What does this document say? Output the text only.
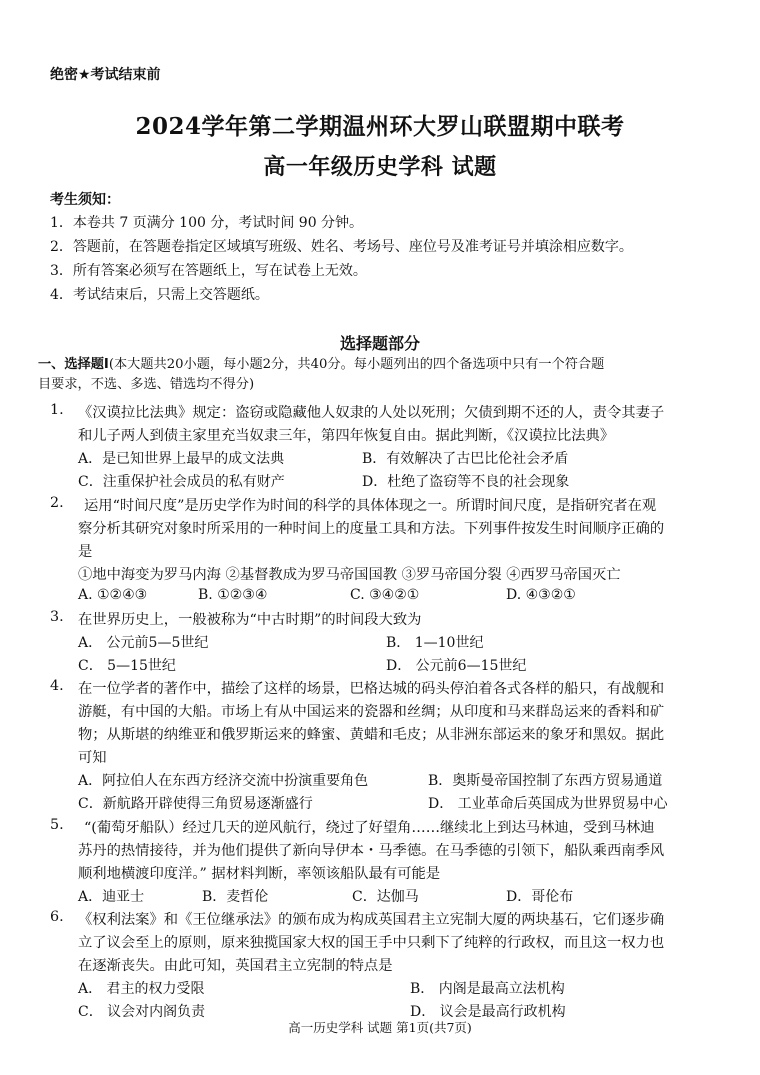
绝密★考试结束前
2024学年第二学期温州环大罗山联盟期中联考
高一年级历史学科 试题
考生须知：
1．本卷共 7 页满分 100 分，考试时间 90 分钟。
2．答题前，在答题卷指定区域填写班级、姓名、考场号、座位号及准考证号并填涂相应数字。
3．所有答案必须写在答题纸上，写在试卷上无效。
4．考试结束后，只需上交答题纸。
选择题部分
一、选择题Ⅰ(本大题共20小题，每小题2分，共40分。每小题列出的四个备选项中只有一个符合题
目要求，不选、多选、错选均不得分)
1. 《汉谟拉比法典》规定：盗窃或隐藏他人奴隶的人处以死刑；欠债到期不还的人，责令其妻子
和儿子两人到债主家里充当奴隶三年，第四年恢复自由。据此判断，《汉谟拉比法典》
A．是已知世界上最早的成文法典	B．有效解决了古巴比伦社会矛盾
C．注重保护社会成员的私有财产	D．杜绝了盗窃等不良的社会现象
2. 运用“时间尺度”是历史学作为时间的科学的具体体现之一。所谓时间尺度，是指研究者在观
察分析其研究对象时所采用的一种时间上的度量工具和方法。下列事件按发生时间顺序正确的
是
①地中海变为罗马内海 ②基督教成为罗马帝国国教 ③罗马帝国分裂 ④西罗马帝国灭亡
A. ①②④③	B. ①②③④	C. ③④②①	D. ④③②①
3. 在世界历史上，一般被称为“中古时期”的时间段大致为
A． 公元前5—5世纪	B． 1—10世纪
C． 5—15世纪	D． 公元前6—15世纪
4. 在一位学者的著作中，描绘了这样的场景，巴格达城的码头停泊着各式各样的船只，有战舰和
游艇，有中国的大船。市场上有从中国运来的瓷器和丝绸；从印度和马来群岛运来的香料和矿
物；从斯堪的纳维亚和俄罗斯运来的蜂蜜、黄蜡和毛皮；从非洲东部运来的象牙和黑奴。据此
可知
A．阿拉伯人在东西方经济交流中扮演重要角色	B．奥斯曼帝国控制了东西方贸易通道
C．新航路开辟使得三角贸易逐渐盛行	D． 工业革命后英国成为世界贸易中心
5. “(葡萄牙船队）经过几天的逆风航行，绕过了好望角……继续北上到达马林迪，受到马林迪
苏丹的热情接待，并为他们提供了新向导伊本・马季德。在马季德的引领下，船队乘西南季风
顺利地横渡印度洋。” 据材料判断，率领该船队最有可能是
A．迪亚士	B．麦哲伦	C．达伽马	D．哥伦布
6. 《权利法案》和《王位继承法》的颁布成为构成英国君主立宪制大厦的两块基石，它们逐步确
立了议会至上的原则，原来独揽国家大权的国王手中只剩下了纯粹的行政权，而且这一权力也
在逐渐丧失。由此可知，英国君主立宪制的特点是
A． 君主的权力受限	B． 内阁是最高立法机构
C． 议会对内阁负责	D． 议会是最高行政机构
高一历史学科 试题 第1页(共7页)
